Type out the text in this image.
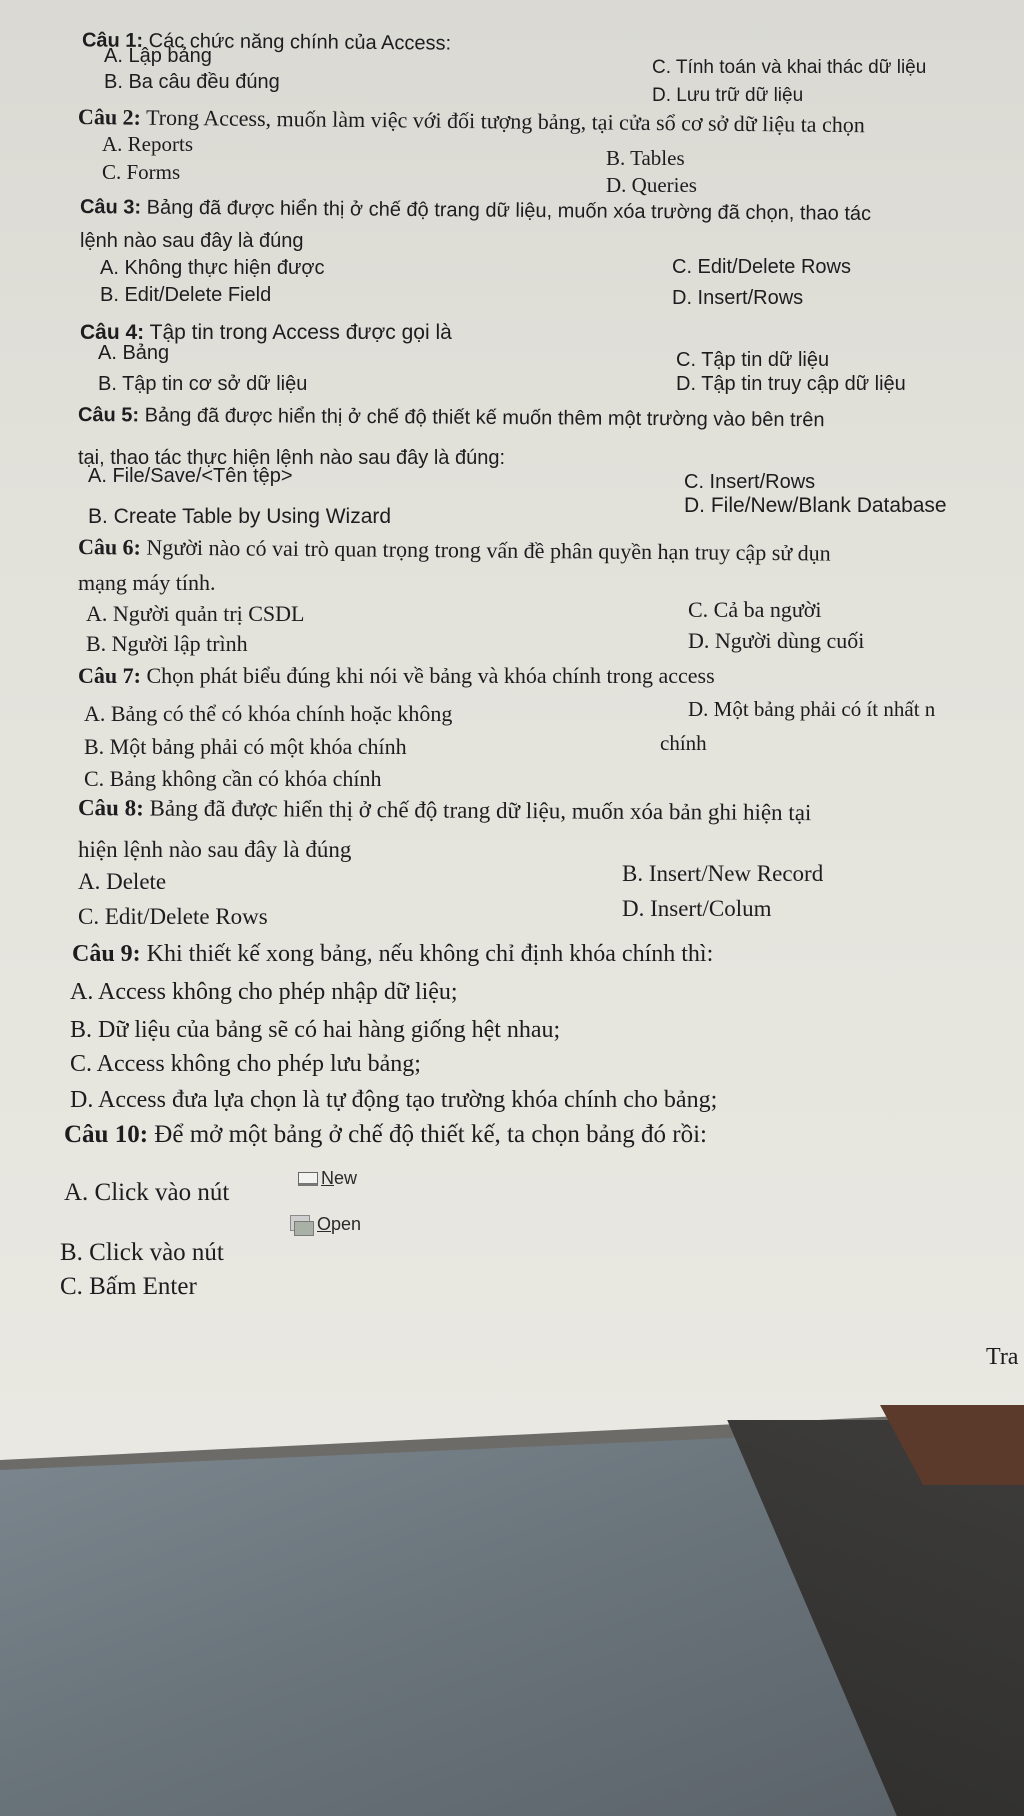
Câu 1: Các chức năng chính của Access:
A. Lập bảng
B. Ba câu đều đúng
C. Tính toán và khai thác dữ liệu
D. Lưu trữ dữ liệu
Câu 2: Trong Access, muốn làm việc với đối tượng bảng, tại cửa sổ cơ sở dữ liệu ta chọn
A. Reports
B. Tables
C. Forms
D. Queries
Câu 3: Bảng đã được hiển thị ở chế độ trang dữ liệu, muốn xóa trường đã chọn, thao tác
lệnh nào sau đây là đúng
A. Không thực hiện được
B. Edit/Delete Field
C. Edit/Delete Rows
D. Insert/Rows
Câu 4: Tập tin trong Access được gọi là
A. Bảng
B. Tập tin cơ sở dữ liệu
C. Tập tin dữ liệu
D. Tập tin truy cập dữ liệu
Câu 5: Bảng đã được hiển thị ở chế độ thiết kế muốn thêm một trường vào bên trên
tại, thao tác thực hiện lệnh nào sau đây là đúng:
A. File/Save/<Tên tệp>
B. Create Table by Using Wizard
C. Insert/Rows
D. File/New/Blank Database
Câu 6: Người nào có vai trò quan trọng trong vấn đề phân quyền hạn truy cập sử dụn
mạng máy tính.
A. Người quản trị CSDL
B. Người lập trình
C. Cả ba người
D. Người dùng cuối
Câu 7: Chọn phát biểu đúng khi nói về bảng và khóa chính trong access
A. Bảng có thể có khóa chính hoặc không
B. Một bảng phải có một khóa chính
C. Bảng không cần có khóa chính
D. Một bảng phải có ít nhất n
chính
Câu 8: Bảng đã được hiển thị ở chế độ trang dữ liệu, muốn xóa bản ghi hiện tại
hiện lệnh nào sau đây là đúng
A. Delete	B. Insert/New Record
C. Edit/Delete Rows	D. Insert/Colum
Câu 9: Khi thiết kế xong bảng, nếu không chỉ định khóa chính thì:
A. Access không cho phép nhập dữ liệu;
B. Dữ liệu của bảng sẽ có hai hàng giống hệt nhau;
C. Access không cho phép lưu bảng;
D. Access đưa lựa chọn là tự động tạo trường khóa chính cho bảng;
Câu 10: Để mở một bảng ở chế độ thiết kế, ta chọn bảng đó rồi:
A. Click vào nút
New
B. Click vào nút
Open
C. Bấm Enter
Tra
